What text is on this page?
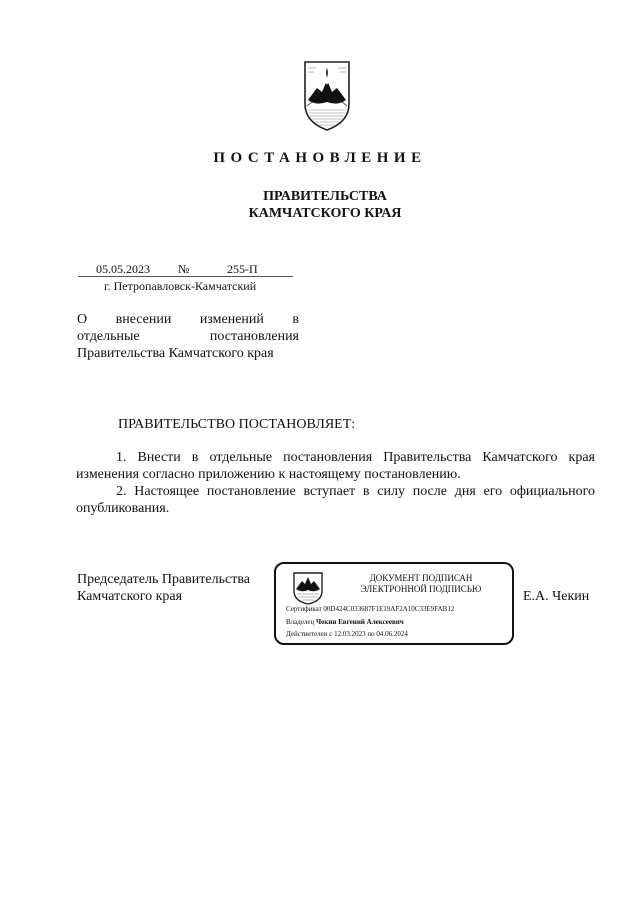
ПОСТАНОВЛЕНИЕ
ПРАВИТЕЛЬСТВА
КАМЧАТСКОГО КРАЯ
05.05.2023 №	255-П
г. Петропавловск-Камчатский
О внесении изменений в
отдельные постановления
Правительства Камчатского края
ПРАВИТЕЛЬСТВО ПОСТАНОВЛЯЕТ:

1. Внести в отдельные постановления Правительства Камчатского края изменения согласно приложению к настоящему постановлению.

2. Настоящее постановление вступает в силу после дня его официального опубликования.

Председатель Правительства
Камчатского края	Е.А. Чекин
ДОКУМЕНТ ПОДПИСАН
ЭЛЕКТРОННОЙ ПОДПИСЬЮ
Сертификат 00D424C033687F1E19AF2A10C33E9FAB12
Владелец Чекин Евгений Алексеевич
Действителен с 12.03.2023 по 04.06.2024
